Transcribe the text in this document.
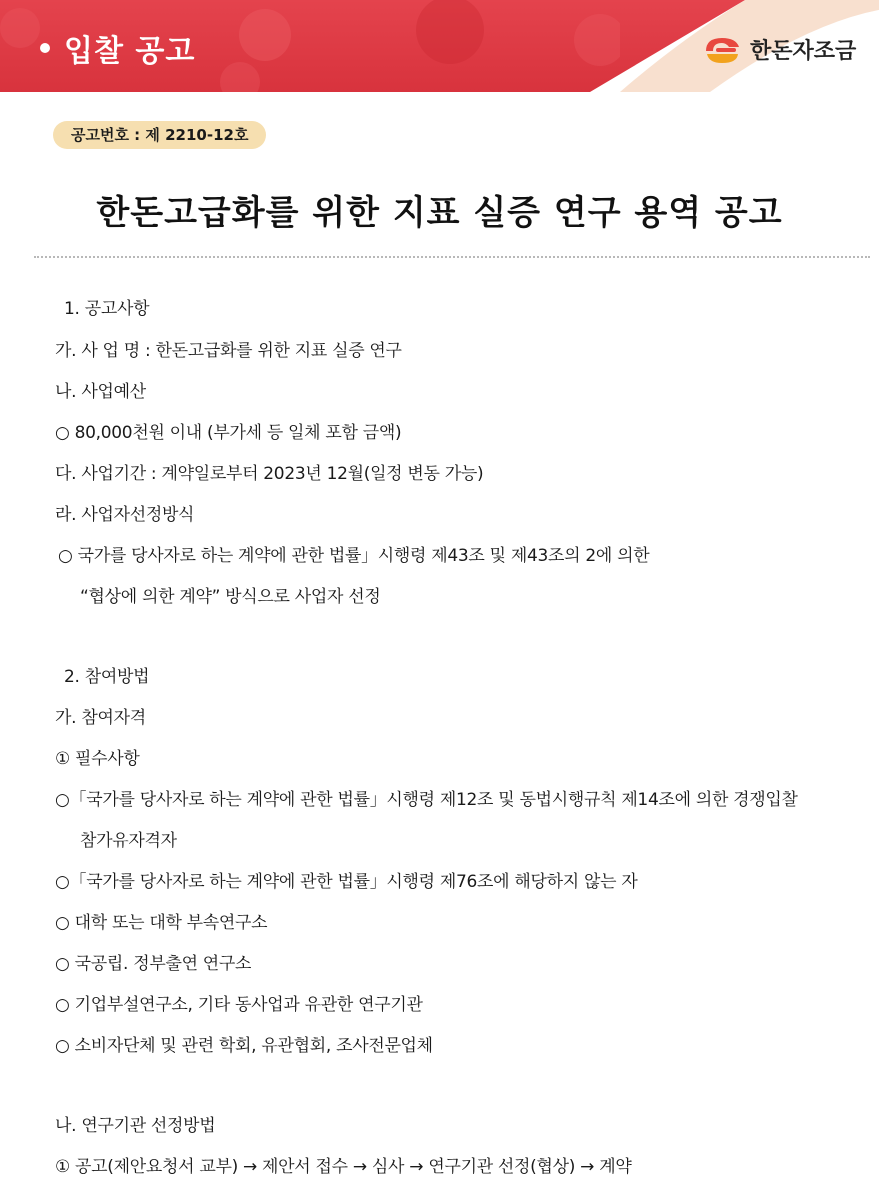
입찰 공고	한돈자조금
공고번호 : 제 2210-12호
한돈고급화를 위한 지표 실증 연구 용역 공고
1. 공고사항
가. 사 업 명 : 한돈고급화를 위한 지표 실증 연구
나. 사업예산
○ 80,000천원 이내 (부가세 등 일체 포함 금액)
다. 사업기간 : 계약일로부터 2023년 12월(일정 변동 가능)
라. 사업자선정방식
○ 국가를 당사자로 하는 계약에 관한 법률」시행령 제43조 및 제43조의 2에 의한
“협상에 의한 계약” 방식으로 사업자 선정
2. 참여방법
가. 참여자격
① 필수사항
○「국가를 당사자로 하는 계약에 관한 법률」시행령 제12조 및 동법시행규칙 제14조에 의한 경쟁입찰
참가유자격자
○「국가를 당사자로 하는 계약에 관한 법률」시행령 제76조에 해당하지 않는 자
○ 대학 또는 대학 부속연구소
○ 국공립. 정부출연 연구소
○ 기업부설연구소, 기타 동사업과 유관한 연구기관
○ 소비자단체 및 관련 학회, 유관협회, 조사전문업체
나. 연구기관 선정방법
① 공고(제안요청서 교부) → 제안서 접수 → 심사 → 연구기관 선정(협상) → 계약
